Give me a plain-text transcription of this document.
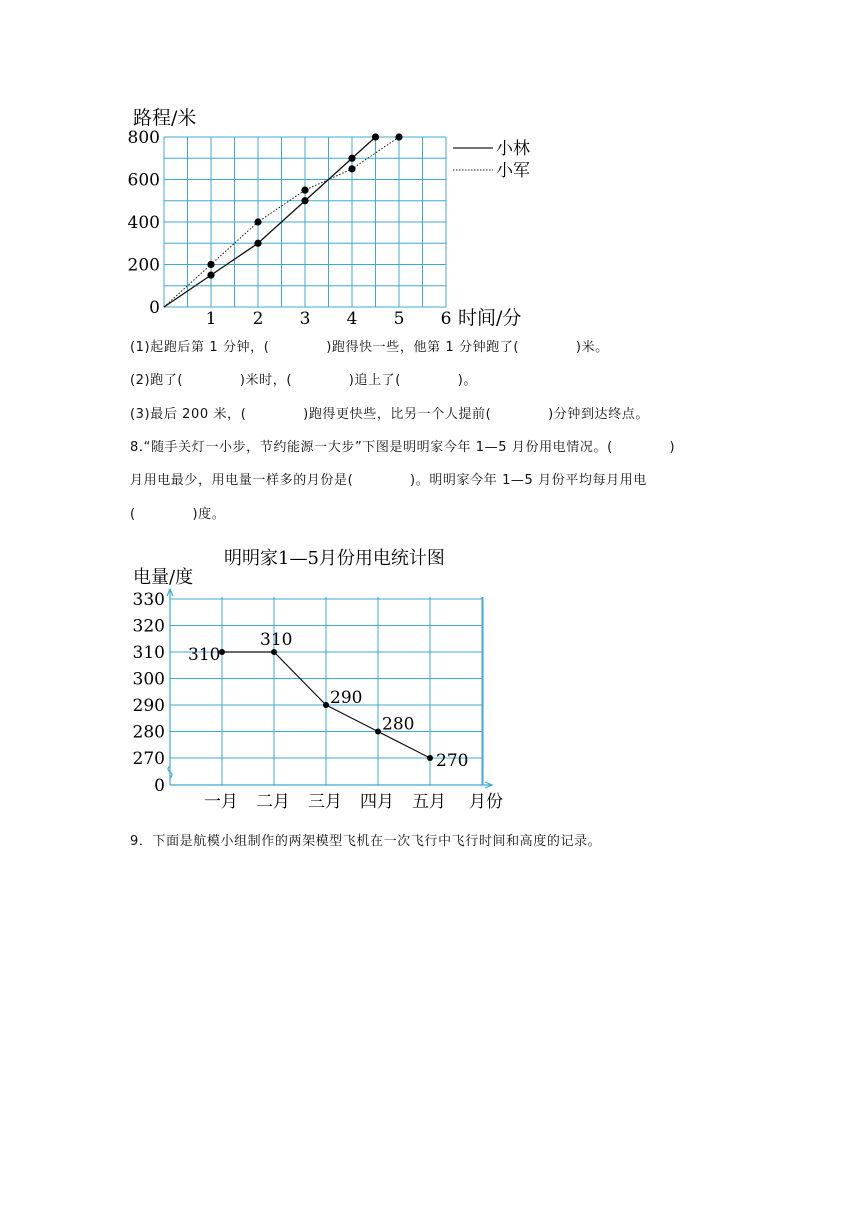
0
200
400
600
800
1 2 3 4 5 6
路程/米
时间/分
小林
小军
(1)起跑后第 1 分钟，(            )跑得快一些，他第 1 分钟跑了(            )米。
(2)跑了(            )米时，(            )追上了(            )。
(3)最后 200 米，(            )跑得更快些，比另一个人提前(            )分钟到达终点。
8.“随手关灯一小步，节约能源一大步”下图是明明家今年 1—5 月份用电情况。(            )
月用电最少，用电量一样多的月份是(            )。明明家今年 1—5 月份平均每月用电
(            )度。
明明家1—5月份用电统计图
电量/度
0
270
280
290
300
310
320
330
一月 二月 三月 四月 五月
310
310
290
280
270
月份
9．下面是航模小组制作的两架模型飞机在一次飞行中飞行时间和高度的记录。
